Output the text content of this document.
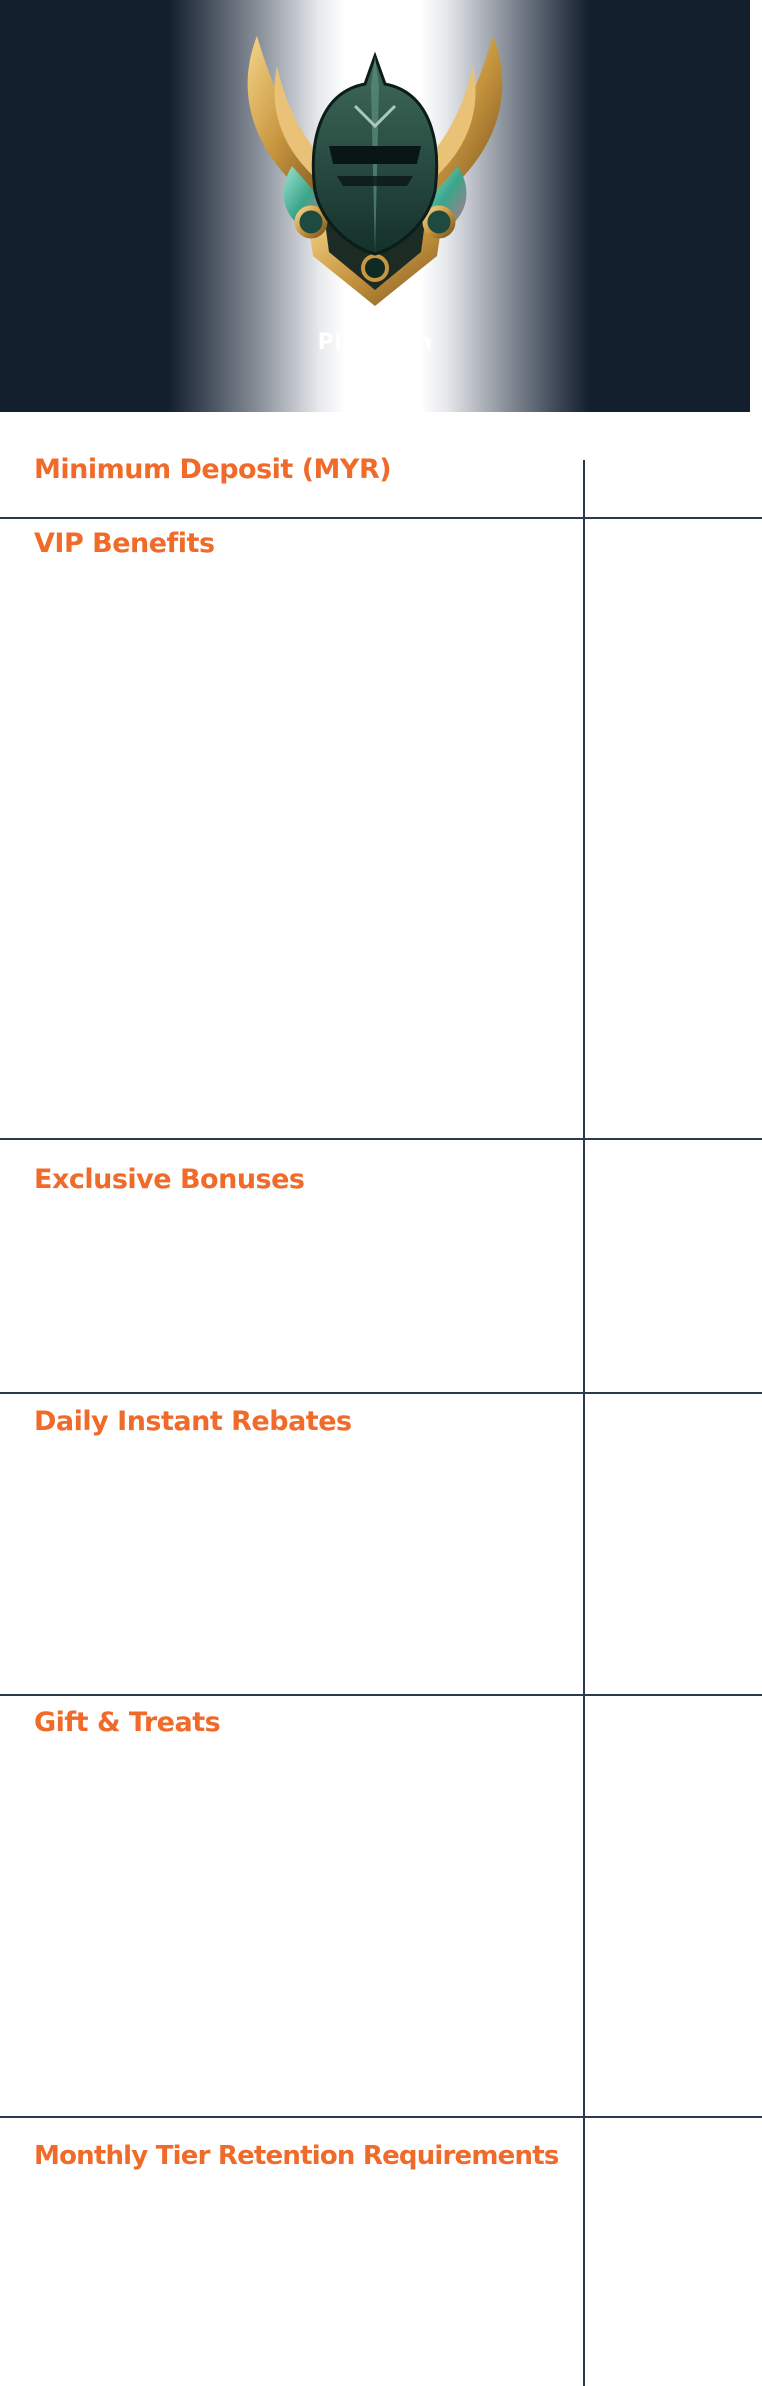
Platinum
Minimum Deposit (MYR)
VIP Benefits
Exclusive Bonuses
Daily Instant Rebates
Gift & Treats
Monthly Tier Retention Requirements
